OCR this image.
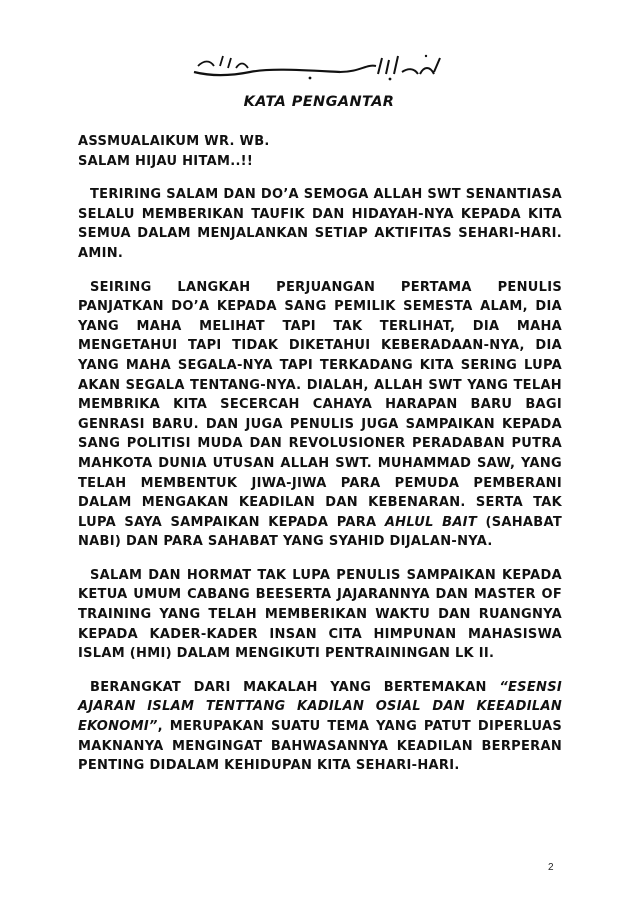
KATA PENGANTAR

ASSMUALAIKUM WR. WB.

SALAM HIJAU HITAM..!!

TERIRING SALAM DAN DO’A SEMOGA ALLAH SWT SENANTIASA SELALU MEMBERIKAN TAUFIK DAN HIDAYAH-NYA KEPADA KITA SEMUA DALAM MENJALANKAN SETIAP AKTIFITAS SEHARI-HARI. AMIN.

SEIRING LANGKAH PERJUANGAN PERTAMA PENULIS PANJATKAN DO’A KEPADA SANG PEMILIK SEMESTA ALAM, DIA YANG MAHA MELIHAT TAPI TAK TERLIHAT, DIA MAHA MENGETAHUI TAPI TIDAK DIKETAHUI KEBERADAAN-NYA, DIA YANG MAHA SEGALA-NYA TAPI TERKADANG KITA SERING LUPA AKAN SEGALA TENTANG-NYA. DIALAH, ALLAH SWT YANG TELAH MEMBRIKA KITA SECERCAH CAHAYA HARAPAN BARU BAGI GENRASI BARU. DAN JUGA PENULIS JUGA SAMPAIKAN KEPADA SANG POLITISI MUDA DAN REVOLUSIONER PERADABAN PUTRA MAHKOTA DUNIA UTUSAN ALLAH SWT. MUHAMMAD SAW, YANG TELAH MEMBENTUK JIWA-JIWA PARA PEMUDA PEMBERANI DALAM MENGAKAN KEADILAN DAN KEBENARAN. SERTA TAK LUPA SAYA SAMPAIKAN KEPADA PARA AHLUL BAIT (SAHABAT NABI) DAN PARA SAHABAT YANG SYAHID DIJALAN-NYA.

SALAM DAN HORMAT TAK LUPA PENULIS SAMPAIKAN KEPADA KETUA UMUM CABANG BEESERTA JAJARANNYA DAN MASTER OF TRAINING YANG TELAH MEMBERIKAN WAKTU DAN RUANGNYA KEPADA KADER-KADER INSAN CITA HIMPUNAN MAHASISWA ISLAM (HMI) DALAM MENGIKUTI PENTRAININGAN LK II.

BERANGKAT DARI MAKALAH YANG BERTEMAKAN “ESENSI AJARAN ISLAM TENTTANG KADILAN OSIAL DAN KEEADILAN EKONOMI”, MERUPAKAN SUATU TEMA YANG PATUT DIPERLUAS MAKNANYA MENGINGAT BAHWASANNYA KEADILAN BERPERAN PENTING DIDALAM KEHIDUPAN KITA SEHARI-HARI.

2
